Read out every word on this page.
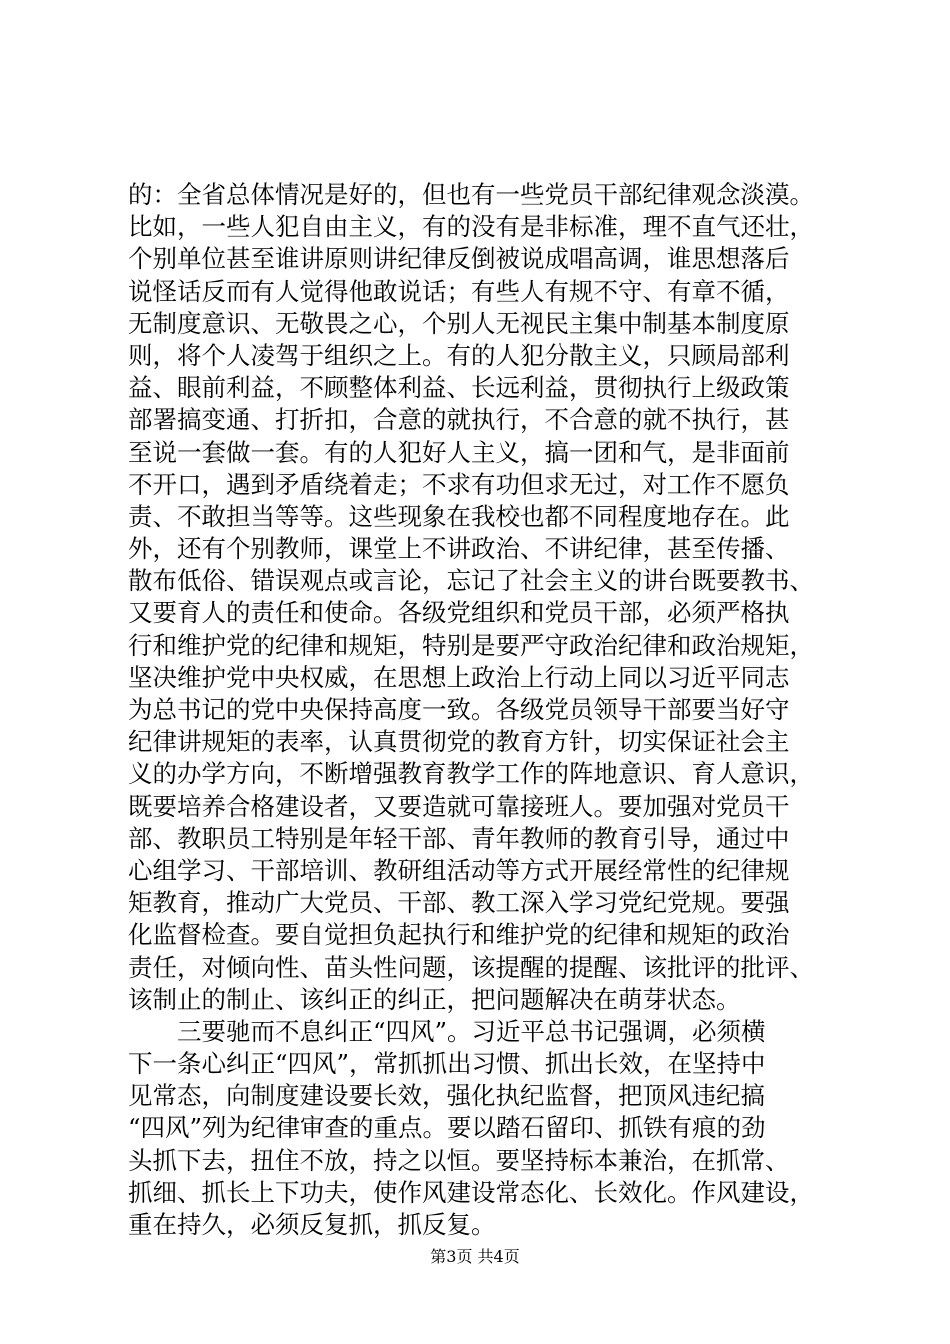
的：全省总体情况是好的，但也有一些党员干部纪律观念淡漠。
比如，一些人犯自由主义，有的没有是非标准，理不直气还壮，
个别单位甚至谁讲原则讲纪律反倒被说成唱高调，谁思想落后
说怪话反而有人觉得他敢说话；有些人有规不守、有章不循，
无制度意识、无敬畏之心，个别人无视民主集中制基本制度原
则，将个人凌驾于组织之上。有的人犯分散主义，只顾局部利
益、眼前利益，不顾整体利益、长远利益，贯彻执行上级政策
部署搞变通、打折扣，合意的就执行，不合意的就不执行，甚
至说一套做一套。有的人犯好人主义，搞一团和气，是非面前
不开口，遇到矛盾绕着走；不求有功但求无过，对工作不愿负
责、不敢担当等等。这些现象在我校也都不同程度地存在。此
外，还有个别教师，课堂上不讲政治、不讲纪律，甚至传播、
散布低俗、错误观点或言论，忘记了社会主义的讲台既要教书、
又要育人的责任和使命。各级党组织和党员干部，必须严格执
行和维护党的纪律和规矩，特别是要严守政治纪律和政治规矩，
坚决维护党中央权威，在思想上政治上行动上同以习近平同志
为总书记的党中央保持高度一致。各级党员领导干部要当好守
纪律讲规矩的表率，认真贯彻党的教育方针，切实保证社会主
义的办学方向，不断增强教育教学工作的阵地意识、育人意识，
既要培养合格建设者，又要造就可靠接班人。要加强对党员干
部、教职员工特别是年轻干部、青年教师的教育引导，通过中
心组学习、干部培训、教研组活动等方式开展经常性的纪律规
矩教育，推动广大党员、干部、教工深入学习党纪党规。要强
化监督检查。要自觉担负起执行和维护党的纪律和规矩的政治
责任，对倾向性、苗头性问题，该提醒的提醒、该批评的批评、
该制止的制止、该纠正的纠正，把问题解决在萌芽状态。
　　三要驰而不息纠正“四风”。习近平总书记强调，必须横
下一条心纠正“四风”，常抓抓出习惯、抓出长效，在坚持中
见常态，向制度建设要长效，强化执纪监督，把顶风违纪搞
“四风”列为纪律审查的重点。要以踏石留印、抓铁有痕的劲
头抓下去，扭住不放，持之以恒。要坚持标本兼治，在抓常、
抓细、抓长上下功夫，使作风建设常态化、长效化。作风建设，
重在持久，必须反复抓，抓反复。
第3页 共4页
